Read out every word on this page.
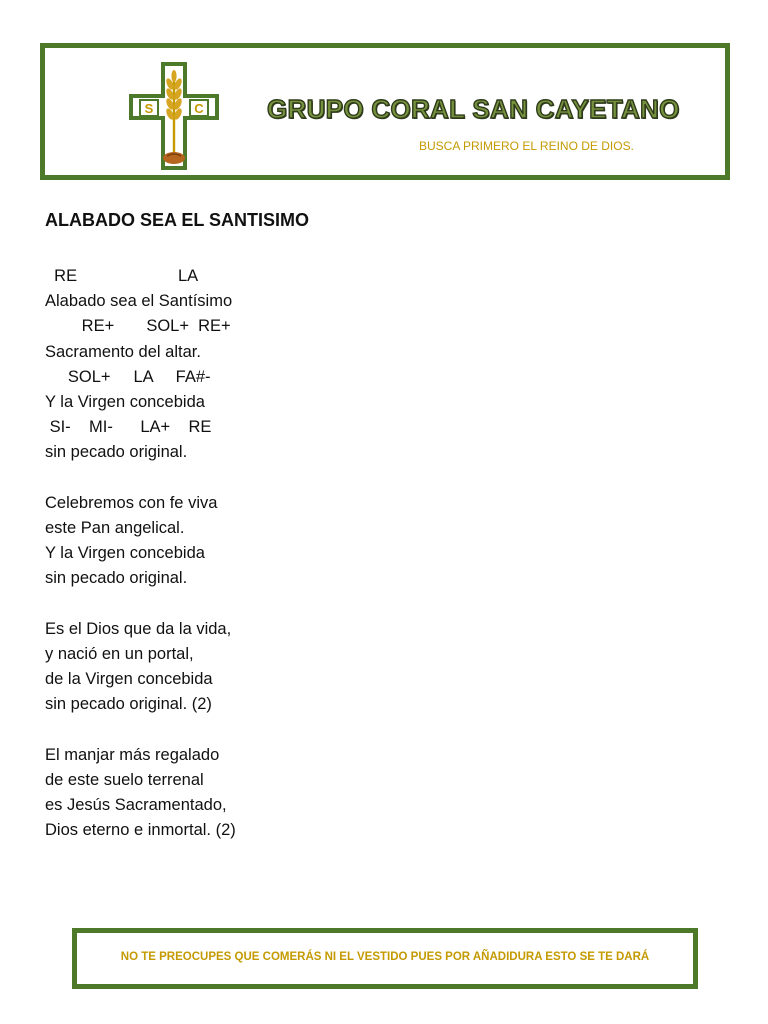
S	C GRUPO CORAL SAN CAYETANO
BUSCA PRIMERO EL REINO DE DIOS.
ALABADO SEA EL SANTISIMO
RE                      LA
Alabado sea el Santísimo
RE+       SOL+  RE+
Sacramento del altar.
SOL+     LA     FA#-
Y la Virgen concebida
SI-    MI-      LA+    RE
sin pecado original.
Celebremos con fe viva
este Pan angelical.
Y la Virgen concebida
sin pecado original.
Es el Dios que da la vida,
y nació en un portal,
de la Virgen concebida
sin pecado original. (2)
El manjar más regalado
de este suelo terrenal
es Jesús Sacramentado,
Dios eterno e inmortal. (2)
NO TE PREOCUPES QUE COMERÁS NI EL VESTIDO PUES POR AÑADIDURA ESTO SE TE DARÁ
